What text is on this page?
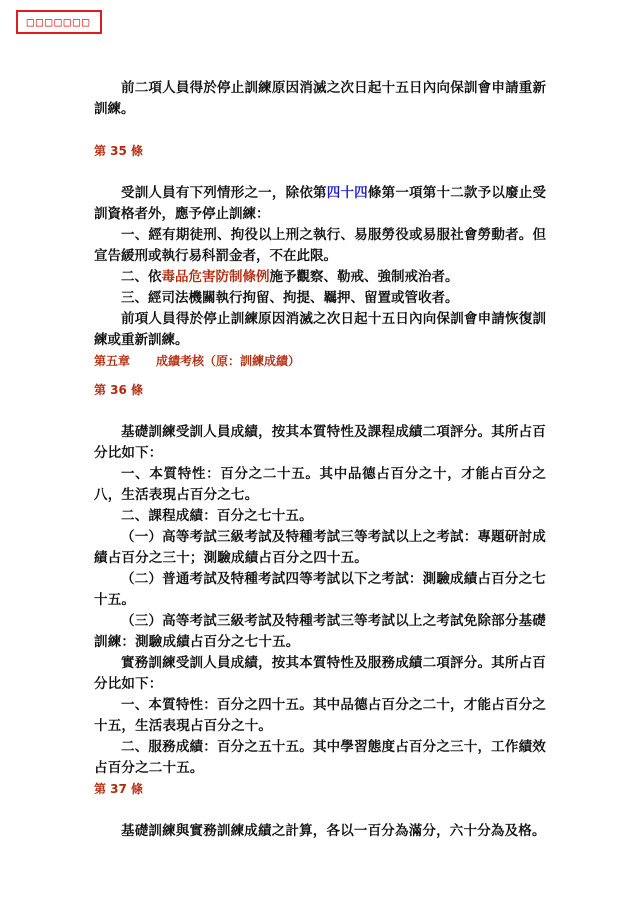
□□□□□□□

前二項人員得於停止訓練原因消滅之次日起十五日內向保訓會申請重新訓練。

第 35 條

受訓人員有下列情形之一，除依第四十四條第一項第十二款予以廢止受訓資格者外，應予停止訓練：

一、經有期徒刑、拘役以上刑之執行、易服勞役或易服社會勞動者。但宣告緩刑或執行易科罰金者，不在此限。

二、依毒品危害防制條例施予觀察、勒戒、強制戒治者。

三、經司法機關執行拘留、拘提、羈押、留置或管收者。

前項人員得於停止訓練原因消滅之次日起十五日內向保訓會申請恢復訓練或重新訓練。

第五章 成績考核（原：訓練成績）

第 36 條

基礎訓練受訓人員成績，按其本質特性及課程成績二項評分。其所占百分比如下：

一、本質特性：百分之二十五。其中品德占百分之十，才能占百分之八，生活表現占百分之七。

二、課程成績：百分之七十五。

（一）高等考試三級考試及特種考試三等考試以上之考試：專題研討成績占百分之三十；測驗成績占百分之四十五。

（二）普通考試及特種考試四等考試以下之考試：測驗成績占百分之七十五。

（三）高等考試三級考試及特種考試三等考試以上之考試免除部分基礎訓練：測驗成績占百分之七十五。

實務訓練受訓人員成績，按其本質特性及服務成績二項評分。其所占百分比如下：

一、本質特性：百分之四十五。其中品德占百分之二十，才能占百分之十五，生活表現占百分之十。

二、服務成績：百分之五十五。其中學習態度占百分之三十，工作績效占百分之二十五。

第 37 條

基礎訓練與實務訓練成績之計算，各以一百分為滿分，六十分為及格。
